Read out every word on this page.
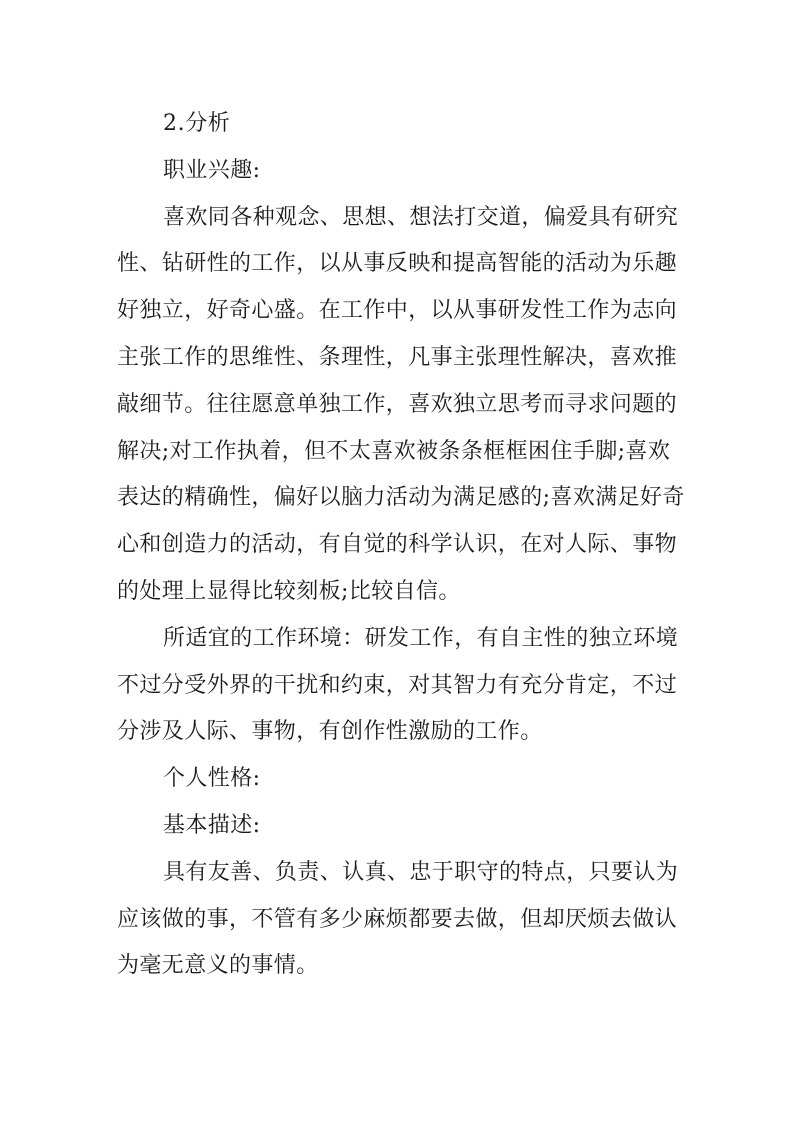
2.分析
职业兴趣:
喜欢同各种观念、思想、想法打交道，偏爱具有研究
性、钻研性的工作，以从事反映和提高智能的活动为乐趣
好独立，好奇心盛。在工作中，以从事研发性工作为志向
主张工作的思维性、条理性，凡事主张理性解决，喜欢推
敲细节。往往愿意单独工作，喜欢独立思考而寻求问题的
解决;对工作执着，但不太喜欢被条条框框困住手脚;喜欢
表达的精确性，偏好以脑力活动为满足感的;喜欢满足好奇
心和创造力的活动，有自觉的科学认识，在对人际、事物
的处理上显得比较刻板;比较自信。
所适宜的工作环境：研发工作，有自主性的独立环境
不过分受外界的干扰和约束，对其智力有充分肯定，不过
分涉及人际、事物，有创作性激励的工作。
个人性格:
基本描述:
具有友善、负责、认真、忠于职守的特点，只要认为
应该做的事，不管有多少麻烦都要去做，但却厌烦去做认
为毫无意义的事情。
